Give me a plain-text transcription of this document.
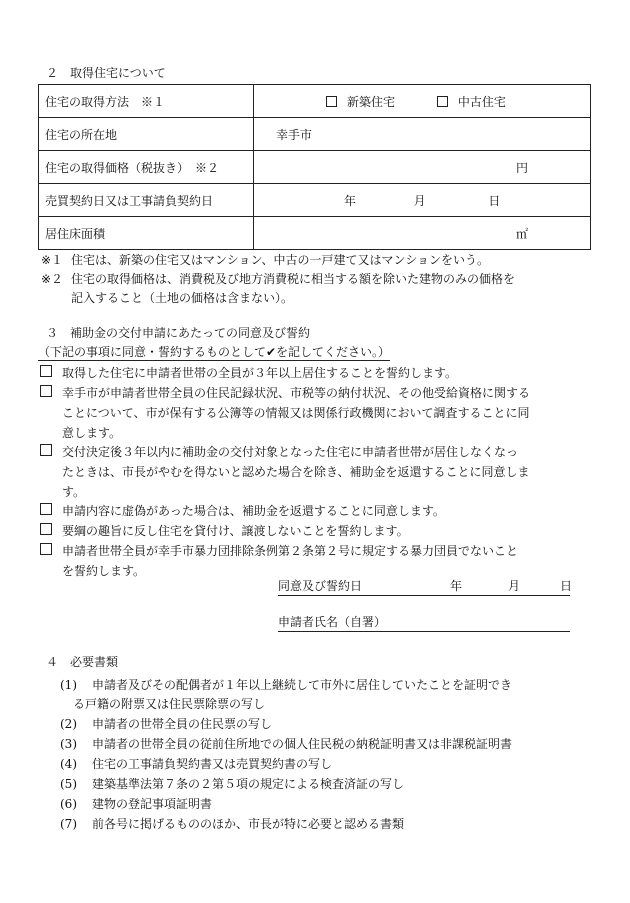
２　取得住宅について
住宅の取得方法　※１	新築住宅 中古住宅
住宅の所在地	幸手市
住宅の取得価格（税抜き）　※２	円
売買契約日又は工事請負契約日	年 月 日
居住床面積	㎡
※１ 住宅は、新築の住宅又はマンション、中古の一戸建て又はマンションをいう。
※２ 住宅の取得価格は、消費税及び地方消費税に相当する額を除いた建物のみの価格を
記入すること（土地の価格は含まない）。
３　補助金の交付申請にあたっての同意及び誓約
（下記の事項に同意・誓約するものとして✔を記してください。）
取得した住宅に申請者世帯の全員が３年以上居住することを誓約します。
幸手市が申請者世帯全員の住民記録状況、市税等の納付状況、その他受給資格に関する
ことについて、市が保有する公簿等の情報又は関係行政機関において調査することに同
意します。
交付決定後３年以内に補助金の交付対象となった住宅に申請者世帯が居住しなくなっ
たときは、市長がやむを得ないと認めた場合を除き、補助金を返還することに同意しま
す。
申請内容に虚偽があった場合は、補助金を返還することに同意します。
要綱の趣旨に反し住宅を貸付け、譲渡しないことを誓約します。
申請者世帯全員が幸手市暴力団排除条例第２条第２号に規定する暴力団員でないこと
を誓約します。
同意及び誓約日	年	月	日
申請者氏名（自署）
４　必要書類
(1) 申請者及びその配偶者が１年以上継続して市外に居住していたことを証明でき
る戸籍の附票又は住民票除票の写し
(2) 申請者の世帯全員の住民票の写し
(3) 申請者の世帯全員の従前住所地での個人住民税の納税証明書又は非課税証明書
(4) 住宅の工事請負契約書又は売買契約書の写し
(5) 建築基準法第７条の２第５項の規定による検査済証の写し
(6) 建物の登記事項証明書
(7) 前各号に掲げるもののほか、市長が特に必要と認める書類
